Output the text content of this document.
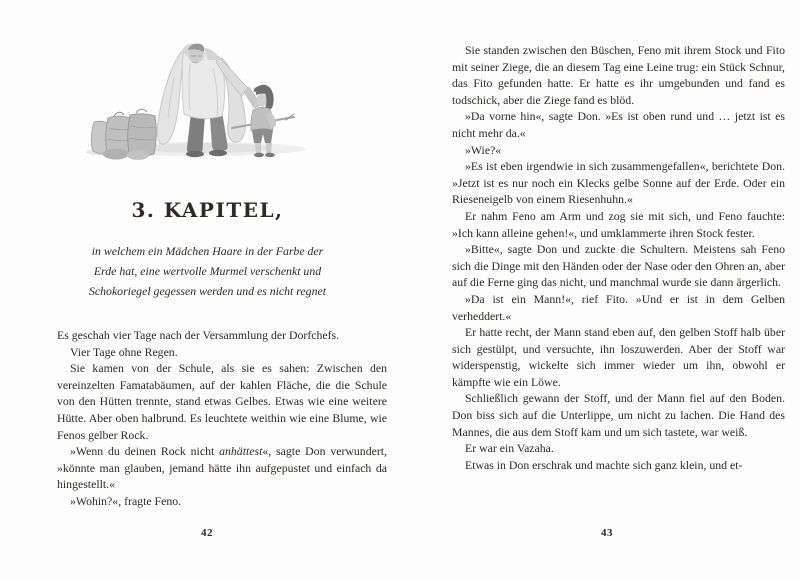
3. KAPITEL,
in welchem ein Mädchen Haare in der Farbe der
Erde hat, eine wertvolle Murmel verschenkt und
Schokoriegel gegessen werden und es nicht regnet

Es geschah vier Tage nach der Versammlung der Dorfchefs.

Vier Tage ohne Regen.

Sie kamen von der Schule, als sie es sahen: Zwischen den vereinzelten Famatabäumen, auf der kahlen Fläche, die die Schule von den Hütten trennte, stand etwas Gelbes. Etwas wie eine weitere Hütte. Aber oben halbrund. Es leuchtete weithin wie eine Blume, wie Fenos gelber Rock.

»Wenn du deinen Rock nicht anhättest«, sagte Don verwundert, »könnte man glauben, jemand hätte ihn aufgepustet und einfach da hingestellt.«

»Wohin?«, fragte Feno.

42

Sie standen zwischen den Büschen, Feno mit ihrem Stock und Fito mit seiner Ziege, die an diesem Tag eine Leine trug: ein Stück Schnur, das Fito gefunden hatte. Er hatte es ihr umgebunden und fand es todschick, aber die Ziege fand es blöd.

»Da vorne hin«, sagte Don. »Es ist oben rund und … jetzt ist es nicht mehr da.«

»Wie?«

»Es ist eben irgendwie in sich zusammengefallen«, berichtete Don. »Jetzt ist es nur noch ein Klecks gelbe Sonne auf der Erde. Oder ein Rieseneigelb von einem Riesenhuhn.«

Er nahm Feno am Arm und zog sie mit sich, und Feno fauchte: »Ich kann alleine gehen!«, und umklammerte ihren Stock fester.

»Bitte«, sagte Don und zuckte die Schultern. Meistens sah Feno sich die Dinge mit den Händen oder der Nase oder den Ohren an, aber auf die Ferne ging das nicht, und manchmal wurde sie dann ärgerlich.

»Da ist ein Mann!«, rief Fito. »Und er ist in dem Gelben verheddert.«

Er hatte recht, der Mann stand eben auf, den gelben Stoff halb über sich gestülpt, und versuchte, ihn loszuwerden. Aber der Stoff war widerspenstig, wickelte sich immer wieder um ihn, obwohl er kämpfte wie ein Löwe.

Schließlich gewann der Stoff, und der Mann fiel auf den Boden. Don biss sich auf die Unterlippe, um nicht zu lachen. Die Hand des Mannes, die aus dem Stoff kam und um sich tastete, war weiß.

Er war ein Vazaha.

Etwas in Don erschrak und machte sich ganz klein, und et-

43
